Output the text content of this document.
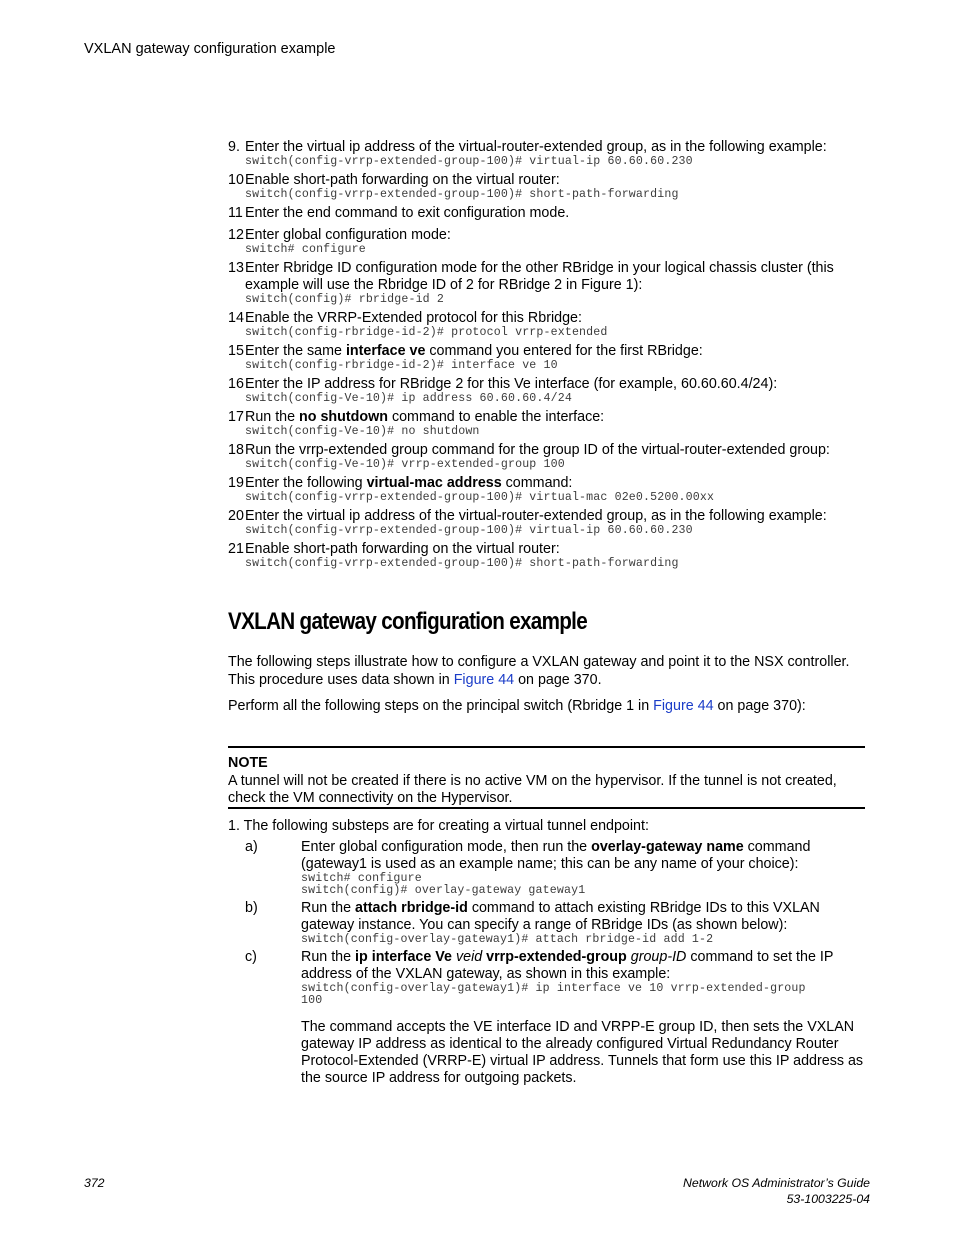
VXLAN gateway configuration example
9. Enter the virtual ip address of the virtual-router-extended group, as in the following example:
switch(config-vrrp-extended-group-100)# virtual-ip 60.60.60.230
10 Enable short-path forwarding on the virtual router:
switch(config-vrrp-extended-group-100)# short-path-forwarding
11 Enter the end command to exit configuration mode.
12 Enter global configuration mode:
switch# configure
13 Enter Rbridge ID configuration mode for the other RBridge in your logical chassis cluster (this example will use the Rbridge ID of 2 for RBridge 2 in Figure 1):
switch(config)# rbridge-id 2
14 Enable the VRRP-Extended protocol for this Rbridge:
switch(config-rbridge-id-2)# protocol vrrp-extended
15 Enter the same interface ve command you entered for the first RBridge:
switch(config-rbridge-id-2)# interface ve 10
16 Enter the IP address for RBridge 2 for this Ve interface (for example, 60.60.60.4/24):
switch(config-Ve-10)# ip address 60.60.60.4/24
17 Run the no shutdown command to enable the interface:
switch(config-Ve-10)# no shutdown
18 Run the vrrp-extended group command for the group ID of the virtual-router-extended group:
switch(config-Ve-10)# vrrp-extended-group 100
19 Enter the following virtual-mac address command:
switch(config-vrrp-extended-group-100)# virtual-mac 02e0.5200.00xx
20 Enter the virtual ip address of the virtual-router-extended group, as in the following example:
switch(config-vrrp-extended-group-100)# virtual-ip 60.60.60.230
21 Enable short-path forwarding on the virtual router:
switch(config-vrrp-extended-group-100)# short-path-forwarding
VXLAN gateway configuration example
The following steps illustrate how to configure a VXLAN gateway and point it to the NSX controller. This procedure uses data shown in Figure 44 on page 370.
Perform all the following steps on the principal switch (Rbridge 1 in Figure 44 on page 370):
NOTE
A tunnel will not be created if there is no active VM on the hypervisor. If the tunnel is not created, check the VM connectivity on the Hypervisor.
1. The following substeps are for creating a virtual tunnel endpoint:
a)	Enter global configuration mode, then run the overlay-gateway name command (gateway1 is used as an example name; this can be any name of your choice):
switch# configure
switch(config)# overlay-gateway gateway1
b)	Run the attach rbridge-id command to attach existing RBridge IDs to this VXLAN gateway instance. You can specify a range of RBridge IDs (as shown below):
switch(config-overlay-gateway1)# attach rbridge-id add 1-2
c)	Run the ip interface Ve veid vrrp-extended-group group-ID command to set the IP address of the VXLAN gateway, as shown in this example:
switch(config-overlay-gateway1)# ip interface ve 10 vrrp-extended-group
100
The command accepts the VE interface ID and VRPP-E group ID, then sets the VXLAN gateway IP address as identical to the already configured Virtual Redundancy Router Protocol-Extended (VRRP-E) virtual IP address. Tunnels that form use this IP address as the source IP address for outgoing packets.
372	Network OS Administrator’s Guide
53-1003225-04
